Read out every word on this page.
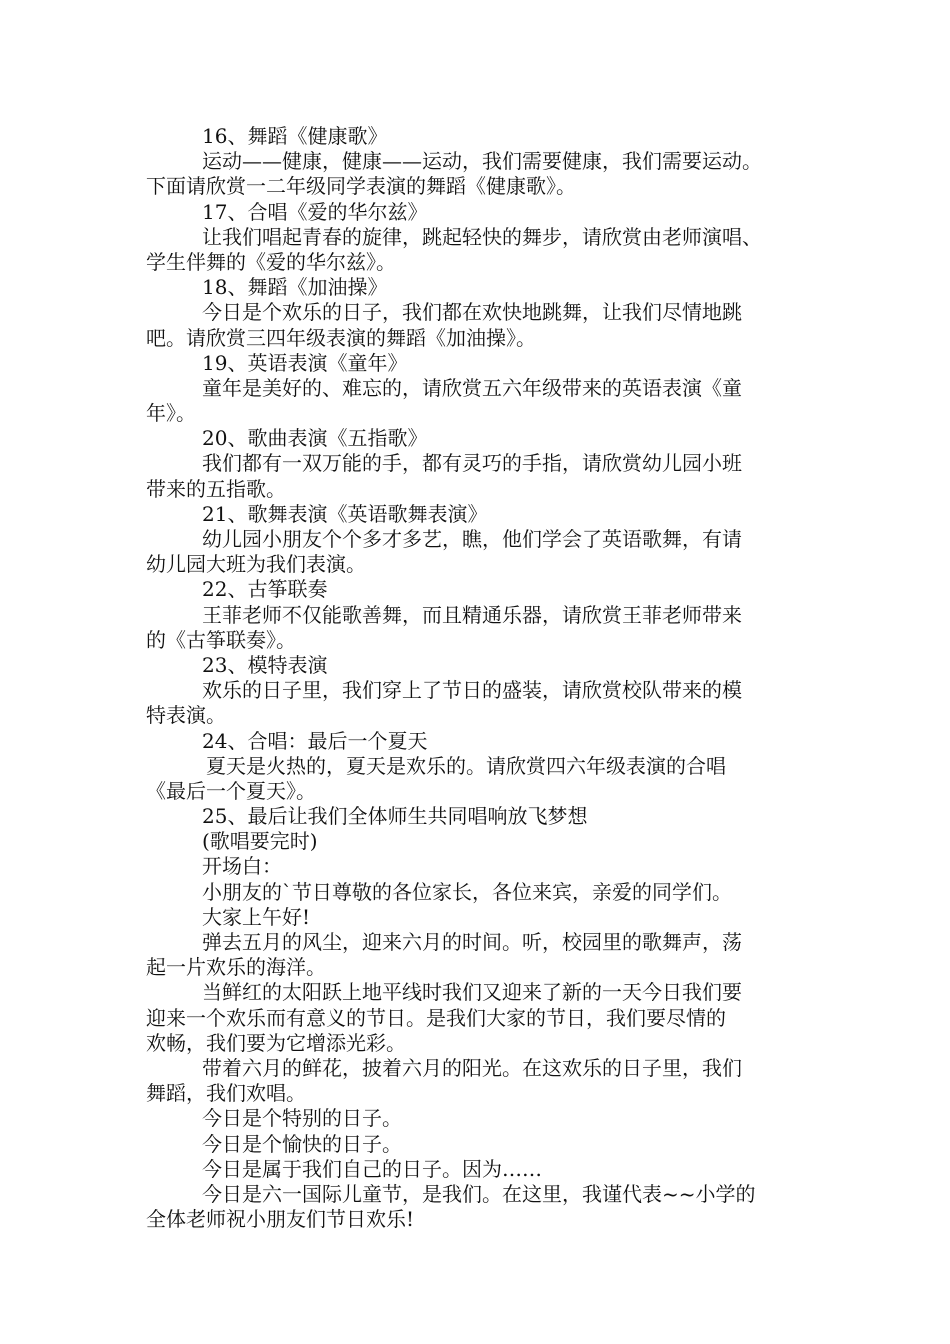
16、舞蹈《健康歌》
运动——健康，健康——运动，我们需要健康，我们需要运动。
下面请欣赏一二年级同学表演的舞蹈《健康歌》。
17、合唱《爱的华尔兹》
让我们唱起青春的旋律，跳起轻快的舞步，请欣赏由老师演唱、
学生伴舞的《爱的华尔兹》。
18、舞蹈《加油操》
今日是个欢乐的日子，我们都在欢快地跳舞，让我们尽情地跳
吧。请欣赏三四年级表演的舞蹈《加油操》。
19、英语表演《童年》
童年是美好的、难忘的，请欣赏五六年级带来的英语表演《童
年》。
20、歌曲表演《五指歌》
我们都有一双万能的手，都有灵巧的手指，请欣赏幼儿园小班
带来的五指歌。
21、歌舞表演《英语歌舞表演》
幼儿园小朋友个个多才多艺，瞧，他们学会了英语歌舞，有请
幼儿园大班为我们表演。
22、古筝联奏
王菲老师不仅能歌善舞，而且精通乐器，请欣赏王菲老师带来
的《古筝联奏》。
23、模特表演
欢乐的日子里，我们穿上了节日的盛装，请欣赏校队带来的模
特表演。
24、合唱：最后一个夏天
夏天是火热的，夏天是欢乐的。请欣赏四六年级表演的合唱
《最后一个夏天》。
25、最后让我们全体师生共同唱响放飞梦想
(歌唱要完时)
开场白：
小朋友的`节日尊敬的各位家长，各位来宾，亲爱的同学们。
大家上午好!
弹去五月的风尘，迎来六月的时间。听，校园里的歌舞声，荡
起一片欢乐的海洋。
当鲜红的太阳跃上地平线时我们又迎来了新的一天今日我们要
迎来一个欢乐而有意义的节日。是我们大家的节日，我们要尽情的
欢畅，我们要为它增添光彩。
带着六月的鲜花，披着六月的阳光。在这欢乐的日子里，我们
舞蹈，我们欢唱。
今日是个特别的日子。
今日是个愉快的日子。
今日是属于我们自己的日子。因为……
今日是六一国际儿童节，是我们。在这里，我谨代表~~小学的
全体老师祝小朋友们节日欢乐!
